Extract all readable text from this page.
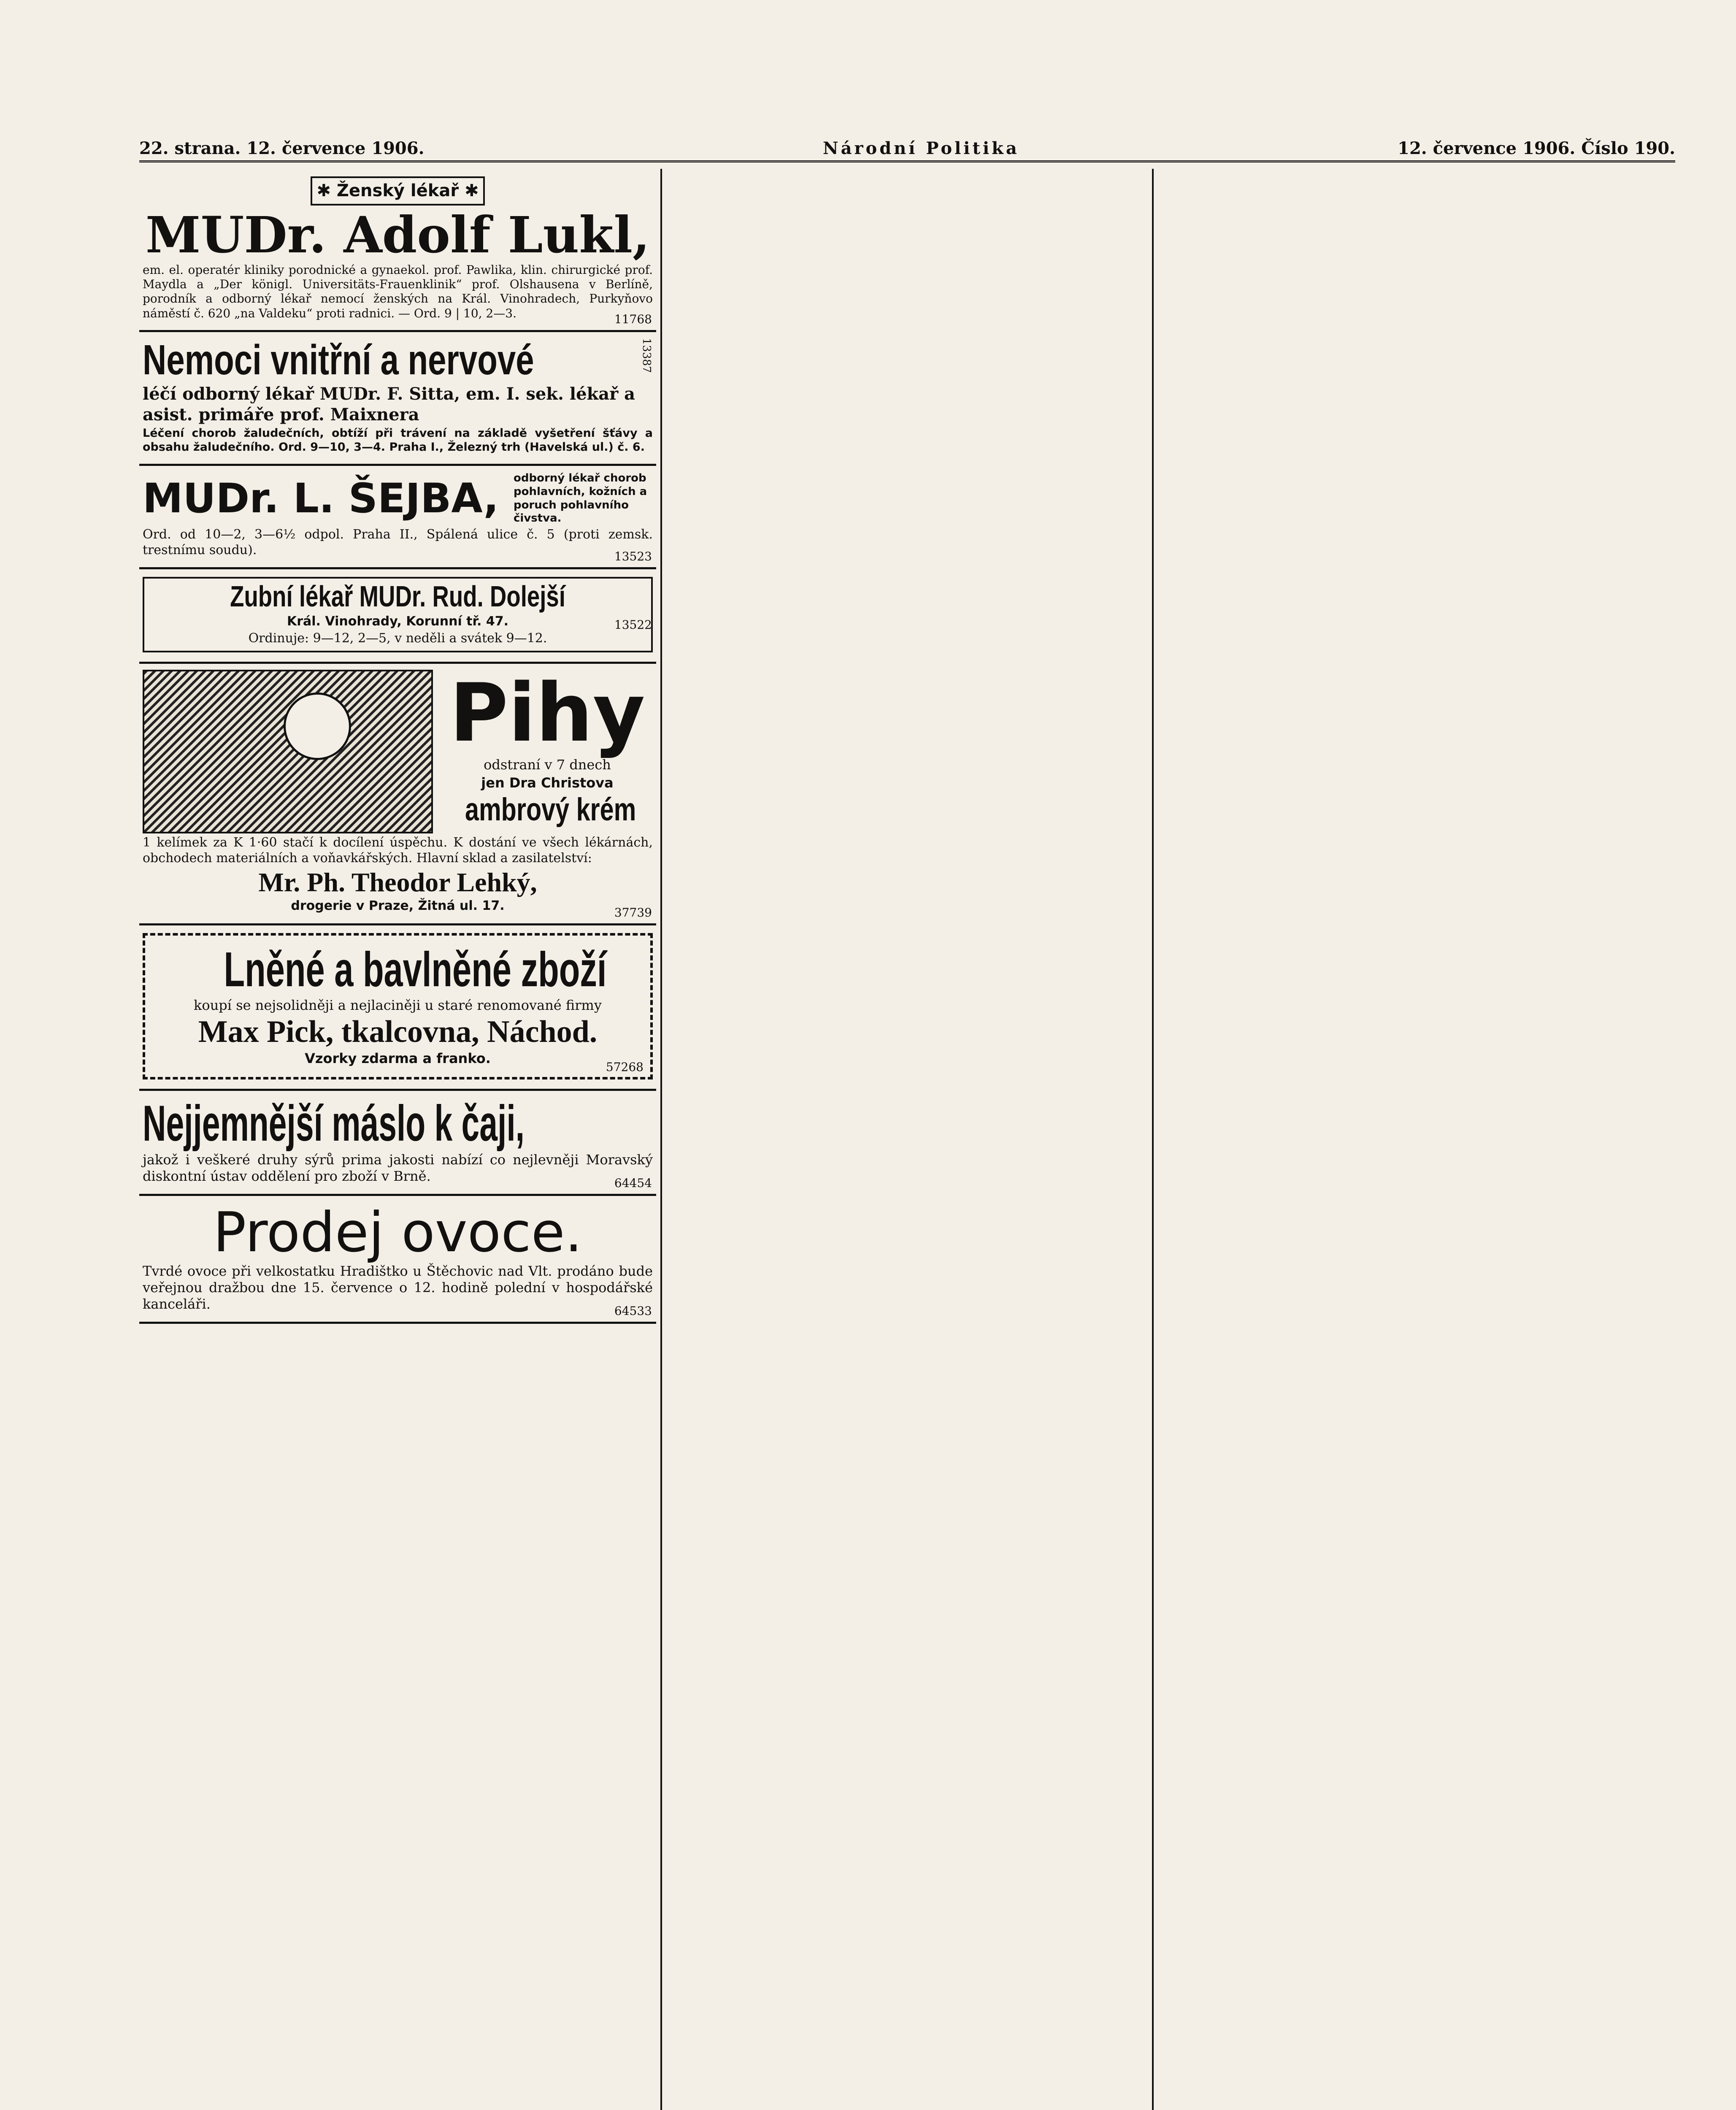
22. strana. 12. července 1906.	Národní Politika	12. července 1906. Číslo 190.
✱ Ženský lékař ✱
MUDr. Adolf Lukl,

em. el. operatér kliniky porodnické a gynaekol. prof. Pawlika, klin. chirurgické prof. Maydla a „Der königl. Universitäts-Frauenklinik“ prof. Olshausena v Berlíně, porodník a odborný lékař nemocí ženských na Král. Vinohradech, Purkyňovo náměstí č. 620 „na Valdeku“ proti radnici. — Ord. 9 | 10, 2—3.	11768
Nemoci vnitřní a nervové	13387

léčí odborný lékař MUDr. F. Sitta, em. I. sek. lékař a asist. primáře prof. Maixnera

Léčení chorob žaludečních, obtíží při trávení na základě vyšetření šťávy a obsahu žaludečního. Ord. 9—10, 3—4. Praha I., Železný trh (Havelská ul.) č. 6.

MUDr. L. ŠEJBA, odborný lékař chorob pohlavních, kožních a poruch pohlavního čivstva.

Ord. od 10—2, 3—6½ odpol. Praha II., Spálená ulice č. 5 (proti zemsk. trestnímu soudu).	13523
Zubní lékař MUDr. Rud. Dolejší

Král. Vinohrady, Korunní tř. 47.

Ordinuje: 9—12, 2—5, v neděli a svátek 9—12.

13522
Pihy

odstraní v 7 dnech

jen Dra Christova

ambrový krém

1 kelímek za K 1·60 stačí k docílení úspěchu. K dostání ve všech lékárnách, obchodech materiálních a voňavkářských. Hlavní sklad a zasilatelství:

Mr. Ph. Theodor Lehký,

drogerie v Praze, Žitná ul. 17.	37739
Lněné a bavlněné zboží

koupí se nejsolidněji a nejlaciněji u staré renomované firmy

Max Pick, tkalcovna, Náchod.

Vzorky zdarma a franko.

57268
Nejjemnější máslo k čaji,

jakož i veškeré druhy sýrů prima jakosti nabízí co nejlevněji Moravský diskontní ústav oddělení pro zboží v Brně.	64454
Prodej ovoce.

Tvrdé ovoce při velkostatku Hradištko u Štěchovic nad Vlt. prodáno bude veřejnou dražbou dne 15. července o 12. hodině polední v hospodářské kanceláři.	64533
